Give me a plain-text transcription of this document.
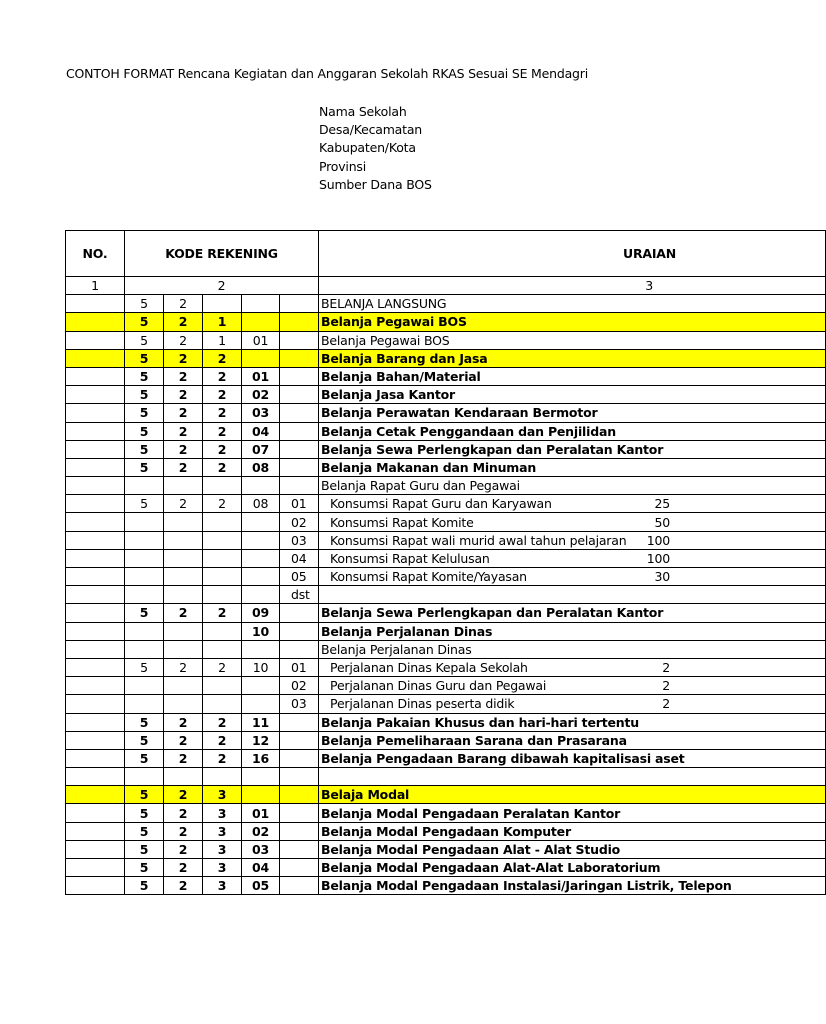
CONTOH FORMAT Rencana Kegiatan dan Anggaran Sekolah RKAS Sesuai SE Mendagri
Nama Sekolah
Desa/Kecamatan
Kabupaten/Kota
Provinsi
Sumber Dana BOS
NO.	KODE REKENING					URAIAN
1	2					3
	5	2				BELANJA LANGSUNG
	5	2	1			Belanja Pegawai BOS
	5	2	1	01		Belanja Pegawai BOS
	5	2	2			Belanja Barang dan Jasa
	5	2	2	01		Belanja Bahan/Material
	5	2	2	02		Belanja Jasa Kantor
	5	2	2	03		Belanja Perawatan Kendaraan Bermotor
	5	2	2	04		Belanja Cetak Penggandaan dan Penjilidan
	5	2	2	07		Belanja Sewa Perlengkapan dan Peralatan Kantor
	5	2	2	08		Belanja Makanan dan Minuman
						Belanja Rapat Guru dan Pegawai
	5	2	2	08	01	Konsumsi Rapat Guru dan Karyawan 25
					02	Konsumsi Rapat Komite 50
					03	Konsumsi Rapat wali murid awal tahun pelajaran 100
					04	Konsumsi Rapat Kelulusan 100
					05	Konsumsi Rapat Komite/Yayasan 30
					dst	
	5	2	2	09		Belanja Sewa Perlengkapan dan Peralatan Kantor
				10		Belanja Perjalanan Dinas
						Belanja Perjalanan Dinas
	5	2	2	10	01	Perjalanan Dinas Kepala Sekolah 2
					02	Perjalanan Dinas Guru dan Pegawai 2
					03	Perjalanan Dinas peserta didik 2
	5	2	2	11		Belanja Pakaian Khusus dan hari-hari tertentu
	5	2	2	12		Belanja Pemeliharaan Sarana dan Prasarana
	5	2	2	16		Belanja Pengadaan Barang dibawah kapitalisasi aset

	5	2	3			Belaja Modal
	5	2	3	01		Belanja Modal Pengadaan Peralatan Kantor
	5	2	3	02		Belanja Modal Pengadaan Komputer
	5	2	3	03		Belanja Modal Pengadaan Alat - Alat Studio
	5	2	3	04		Belanja Modal Pengadaan Alat-Alat Laboratorium
	5	2	3	05		Belanja Modal Pengadaan Instalasi/Jaringan Listrik, Telepon
